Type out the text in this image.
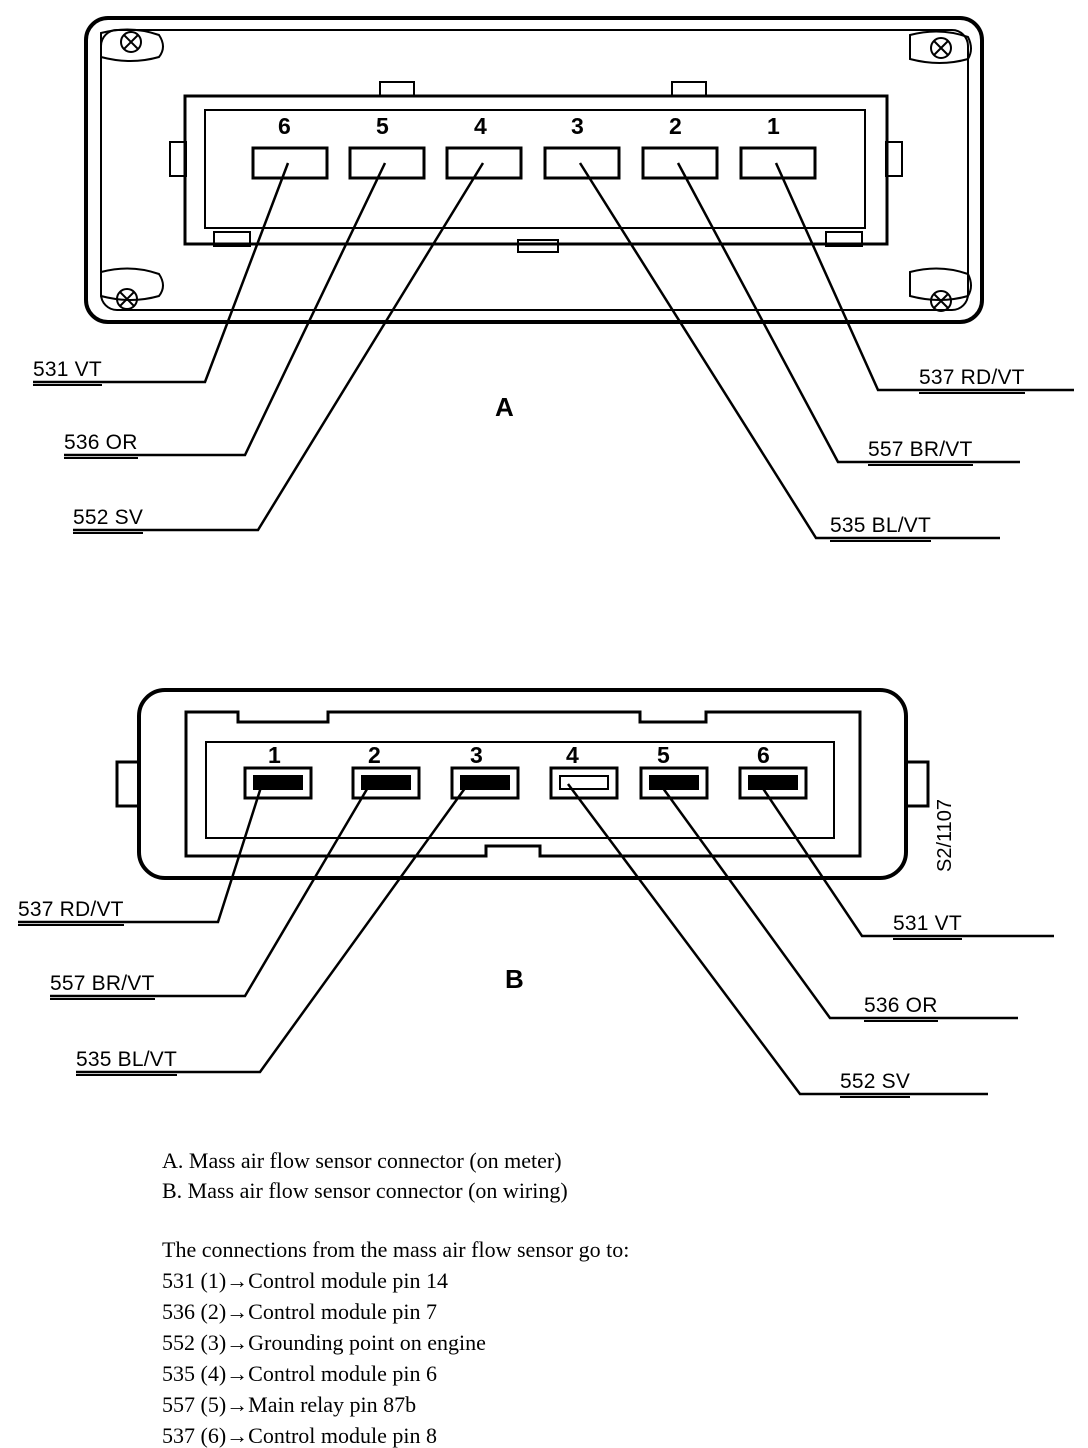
6	5	4	3	2	1
531 VT
536 OR
552 SV
537 RD/VT
557 BR/VT
535 BL/VT
A
1	2	3	4	5	6
537 RD/VT
557 BR/VT
535 BL/VT
531 VT
536 OR
552 SV
B
S2/1107
A. Mass air flow sensor connector (on meter)
B. Mass air flow sensor connector (on wiring)
The connections from the mass air flow sensor go to:
531 (1)→Control module pin 14
536 (2)→Control module pin 7
552 (3)→Grounding point on engine
535 (4)→Control module pin 6
557 (5)→Main relay pin 87b
537 (6)→Control module pin 8
